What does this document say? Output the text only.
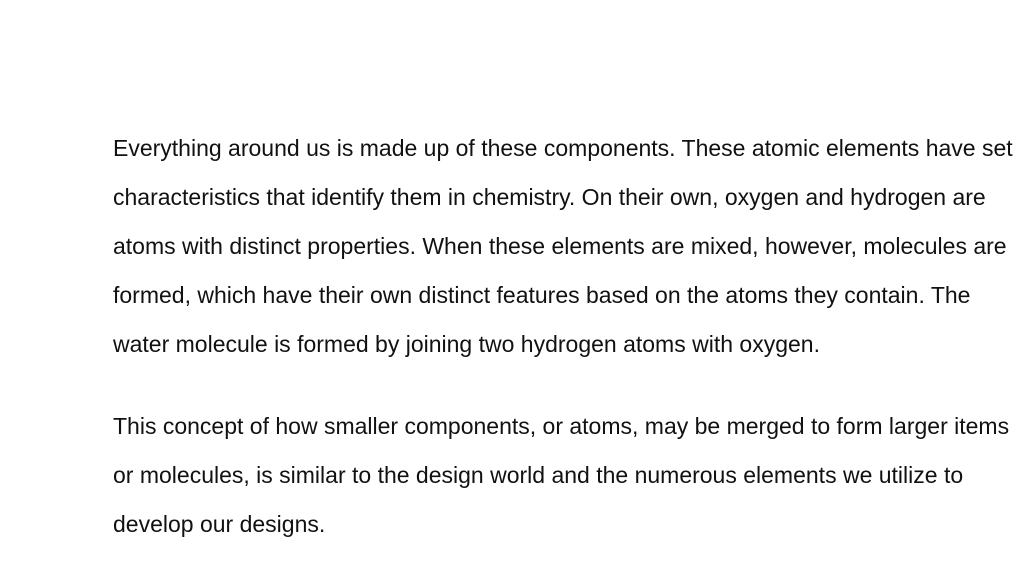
Everything around us is made up of these components. These atomic elements have set characteristics that identify them in chemistry. On their own, oxygen and hydrogen are atoms with distinct properties. When these elements are mixed, however, molecules are formed, which have their own distinct features based on the atoms they contain. The water molecule is formed by joining two hydrogen atoms with oxygen.

This concept of how smaller components, or atoms, may be merged to form larger items or molecules, is similar to the design world and the numerous elements we utilize to develop our designs.
